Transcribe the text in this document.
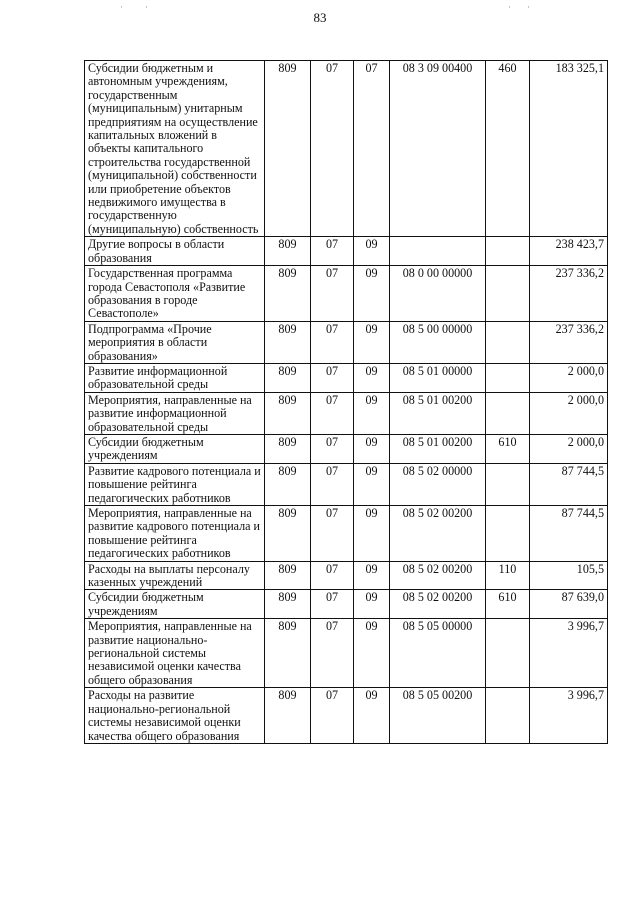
· ·	· ·
83
Субсидии бюджетным и автономным учреждениям, государственным (муниципальным) унитарным предприятиям на осуществление капитальных вложений в объекты капитального строительства государственной (муниципальной) собственности или приобретение объектов недвижимого имущества в государственную (муниципальную) собственность	809	07	07	08 3 09 00400	460	183 325,1
Другие вопросы в области образования	809	07	09			238 423,7
Государственная программа города Севастополя «Развитие образования в городе Севастополе»	809	07	09	08 0 00 00000		237 336,2
Подпрограмма «Прочие мероприятия в области образования»	809	07	09	08 5 00 00000		237 336,2
Развитие информационной образовательной среды	809	07	09	08 5 01 00000		2 000,0
Мероприятия, направленные на развитие информационной образовательной среды	809	07	09	08 5 01 00200		2 000,0
Субсидии бюджетным учреждениям	809	07	09	08 5 01 00200	610	2 000,0
Развитие кадрового потенциала и повышение рейтинга педагогических работников	809	07	09	08 5 02 00000		87 744,5
Мероприятия, направленные на развитие кадрового потенциала и повышение рейтинга педагогических работников	809	07	09	08 5 02 00200		87 744,5
Расходы на выплаты персоналу казенных учреждений	809	07	09	08 5 02 00200	110	105,5
Субсидии бюджетным учреждениям	809	07	09	08 5 02 00200	610	87 639,0
Мероприятия, направленные на развитие национально-региональной системы независимой оценки качества общего образования	809	07	09	08 5 05 00000		3 996,7
Расходы на развитие национально-региональной системы независимой оценки качества общего образования	809	07	09	08 5 05 00200		3 996,7
